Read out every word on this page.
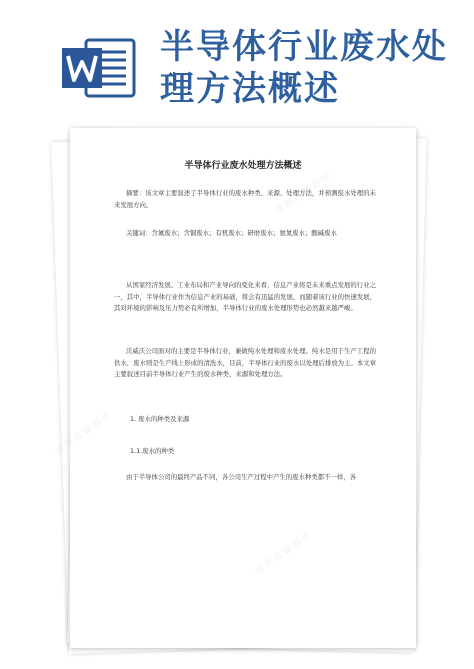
半导体行业废水处
理方法概述
▤ ▤ ▤ ▤ ▤ ▤
▤ ▤ ▤ ▤ ▤ ▤
▤ ▤ ▤ ▤ ▤ ▤
半导体行业废水处理方法概述
摘要：该文章主要叙述了半导体行业的废水种类、来源、处理方法，并预测废水处理的未来发展方向。
关键词：含氟废水；含铜废水；有机废水；研磨废水；氨氮废水；酸碱废水
从国家经济发展、工业布局和产业导向的变化来看，信息产业将是未来重点发展的行业之一，其中，半导体行业作为信息产业的基础，将会有迅猛的发展，而随着该行业的快速发展，其对环境的影响及压力势必有所增加，半导体行业的废水处理形势也必然越来越严峻。
沃威沃公司面对的主要是半导体行业，兼做纯水处理和废水处理。纯水是用于生产工程的供水，废水则是生产线上形成的清洗水，目前，半导体行业的废水以处理后排放为主。本文章主要叙述目前半导体行业产生的废水种类、来源和处理方法。
1. 废水的种类及来源
1.1.废水的种类
由于半导体公司的最终产品不同，各公司生产过程中产生的废水种类都不一样，各
